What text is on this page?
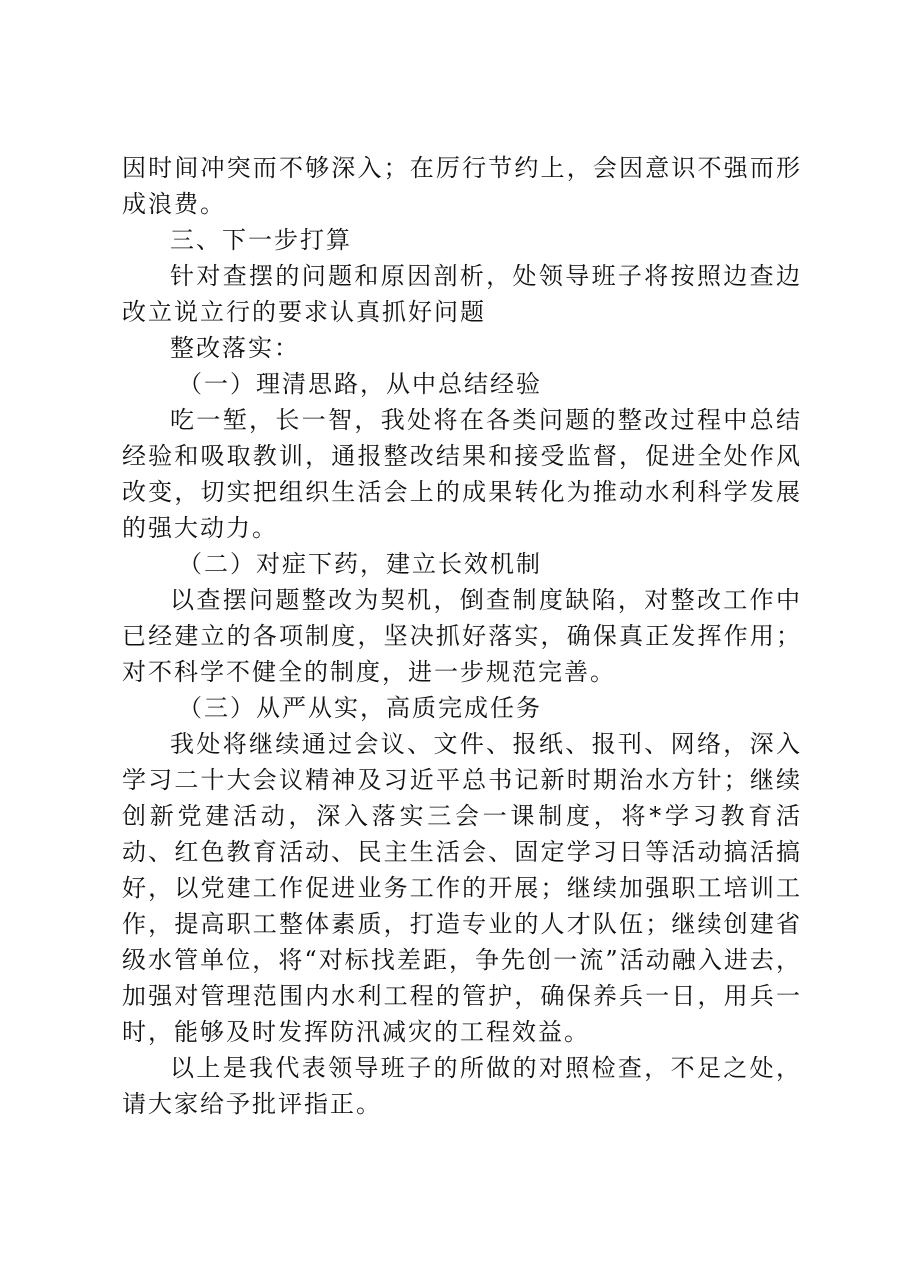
因时间冲突而不够深入；在厉行节约上，会因意识不强而形成浪费。

三、下一步打算

针对查摆的问题和原因剖析，处领导班子将按照边查边改立说立行的要求认真抓好问题

整改落实：

（一）理清思路，从中总结经验

吃一堑，长一智，我处将在各类问题的整改过程中总结经验和吸取教训，通报整改结果和接受监督，促进全处作风改变，切实把组织生活会上的成果转化为推动水利科学发展的强大动力。

（二）对症下药，建立长效机制

以查摆问题整改为契机，倒查制度缺陷，对整改工作中已经建立的各项制度，坚决抓好落实，确保真正发挥作用；对不科学不健全的制度，进一步规范完善。

（三）从严从实，高质完成任务

我处将继续通过会议、文件、报纸、报刊、网络，深入学习二十大会议精神及习近平总书记新时期治水方针；继续创新党建活动，深入落实三会一课制度，将*学习教育活动、红色教育活动、民主生活会、固定学习日等活动搞活搞好，以党建工作促进业务工作的开展；继续加强职工培训工作，提高职工整体素质，打造专业的人才队伍；继续创建省级水管单位，将“对标找差距，争先创一流”活动融入进去，加强对管理范围内水利工程的管护，确保养兵一日，用兵一时，能够及时发挥防汛减灾的工程效益。

以上是我代表领导班子的所做的对照检查，不足之处，请大家给予批评指正。
